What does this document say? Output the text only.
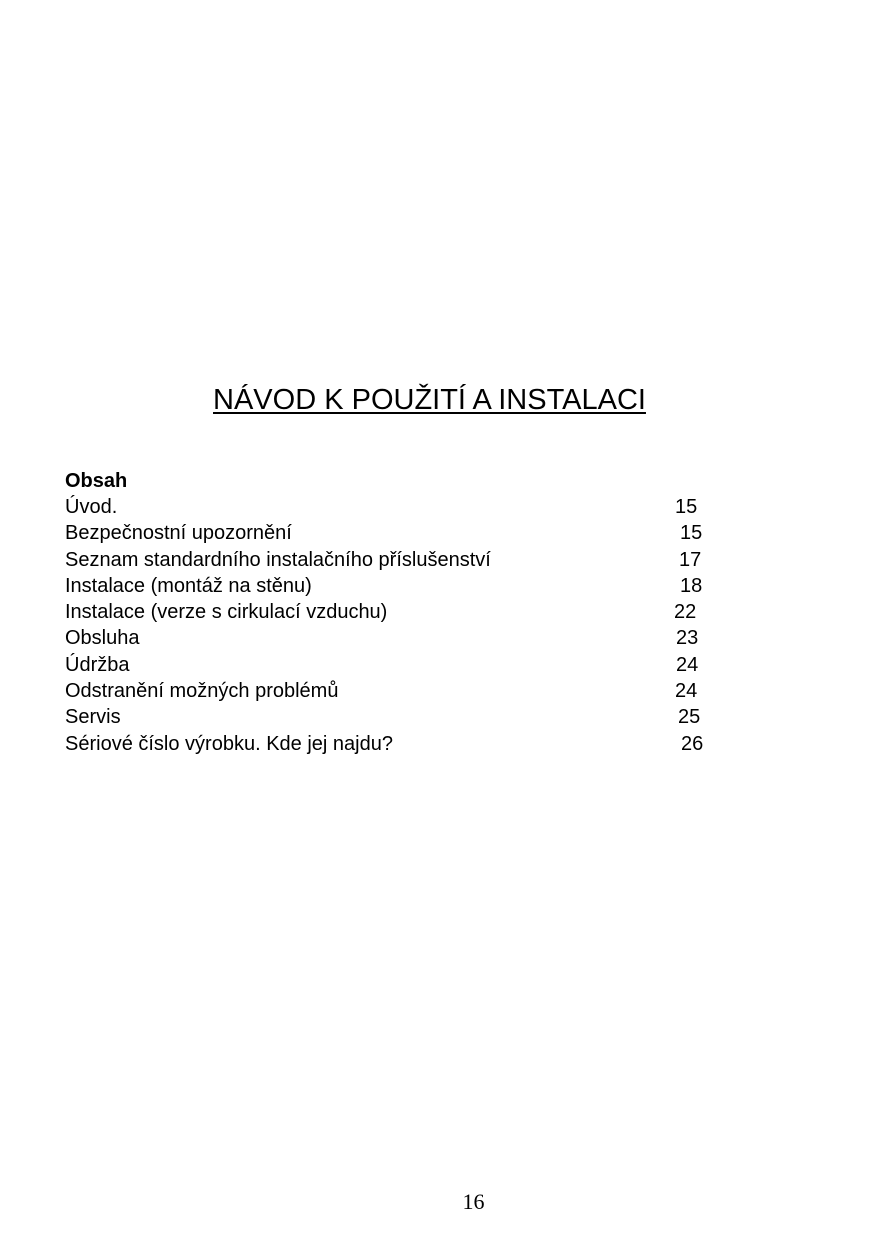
NÁVOD K POUŽITÍ A INSTALACI
Obsah
Úvod.	15
Bezpečnostní upozornění	15
Seznam standardního instalačního příslušenství	17
Instalace (montáž na stěnu)	18
Instalace (verze s cirkulací vzduchu)	22
Obsluha	23
Údržba	24
Odstranění možných problémů	24
Servis	25
Sériové číslo výrobku. Kde jej najdu?	26
16
